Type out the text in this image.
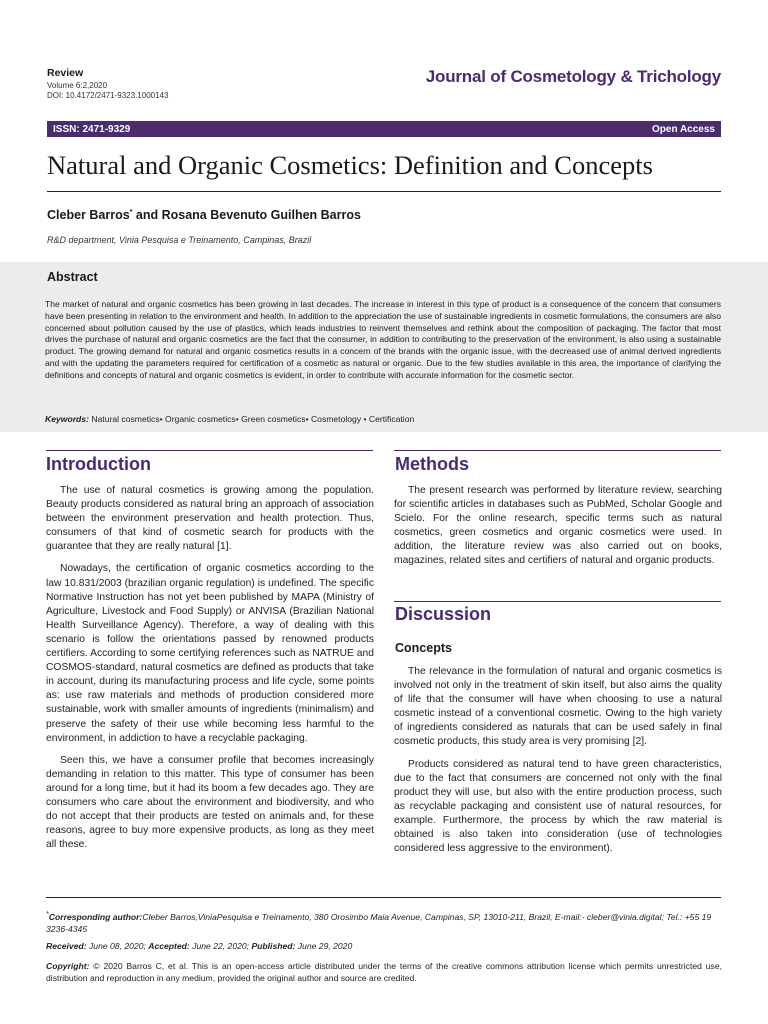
Review
Volume 6:2,2020
DOI: 10.4172/2471-9323.1000143
Journal of Cosmetology & Trichology
ISSN: 2471-9329	Open Access
Natural and Organic Cosmetics: Definition and Concepts
Cleber Barros* and Rosana Bevenuto Guilhen Barros
R&D department, Vinia Pesquisa e Treinamento, Campinas, Brazil
Abstract
The market of natural and organic cosmetics has been growing in last decades. The increase in interest in this type of product is a consequence of the concern that consumers have been presenting in relation to the environment and health. In addition to the appreciation the use of sustainable ingredients in cosmetic formulations, the consumers are also concerned about pollution caused by the use of plastics, which leads industries to reinvent themselves and rethink about the composition of packaging. The factor that most drives the purchase of natural and organic cosmetics are the fact that the consumer, in addition to contributing to the preservation of the environment, is also using a sustainable product. The growing demand for natural and organic cosmetics results in a concern of the brands with the organic issue, with the decreased use of animal derived ingredients and with the updating the parameters required for certification of a cosmetic as natural or organic. Due to the few studies available in this area, the importance of clarifying the definitions and concepts of natural and organic cosmetics is evident, in order to contribute with accurate information for the cosmetic sector.
Keywords: Natural cosmetics• Organic cosmetics• Green cosmetics• Cosmetology • Certification
Introduction

The use of natural cosmetics is growing among the population. Beauty products considered as natural bring an approach of association between the environment preservation and health protection. Thus, consumers of that kind of cosmetic search for products with the guarantee that they are really natural [1].

Nowadays, the certification of organic cosmetics according to the law 10.831/2003 (brazilian organic regulation) is undefined. The specific Normative Instruction has not yet been published by MAPA (Ministry of Agriculture, Livestock and Food Supply) or ANVISA (Brazilian National Health Surveillance Agency). Therefore, a way of dealing with this scenario is follow the orientations passed by renowned products certifiers. According to some certifying references such as NATRUE and COSMOS-standard, natural cosmetics are defined as products that take in account, during its manufacturing process and life cycle, some points as: use raw materials and methods of production considered more sustainable, work with smaller amounts of ingredients (minimalism) and preserve the safety of their use while becoming less harmful to the environment, in addiction to have a recyclable packaging.

Seen this, we have a consumer profile that becomes increasingly demanding in relation to this matter. This type of consumer has been around for a long time, but it had its boom a few decades ago. They are consumers who care about the environment and biodiversity, and who do not accept that their products are tested on animals and, for these reasons, agree to buy more expensive products, as long as they meet all these.

Methods

The present research was performed by literature review, searching for scientific articles in databases such as PubMed, Scholar Google and Scielo. For the online research, specific terms such as natural cosmetics, green cosmetics and organic cosmetics were used. In addition, the literature review was also carried out on books, magazines, related sites and certifiers of natural and organic products.

Discussion
Concepts

The relevance in the formulation of natural and organic cosmetics is involved not only in the treatment of skin itself, but also aims the quality of life that the consumer will have when choosing to use a natural cosmetic instead of a conventional cosmetic. Owing to the high variety of ingredients considered as naturals that can be used safely in final cosmetic products, this study area is very promising [2].

Products considered as natural tend to have green characteristics, due to the fact that consumers are concerned not only with the final product they will use, but also with the entire production process, such as recyclable packaging and consistent use of natural resources, for example. Furthermore, the process by which the raw material is obtained is also taken into consideration (use of technologies considered less aggressive to the environment).

*Corresponding author:Cleber Barros,ViniaPesquisa e Treinamento, 380 Orosimbo Maia Avenue, Campinas, SP, 13010-211, Brazil, E-mail:- cleber@vinia.digital; Tel.: +55 19 3236-4345
Received: June 08, 2020; Accepted: June 22, 2020; Published: June 29, 2020
Copyright: © 2020 Barros C, et al. This is an open-access article distributed under the terms of the creative commons attribution license which permits unrestricted use, distribution and reproduction in any medium, provided the original author and source are credited.
